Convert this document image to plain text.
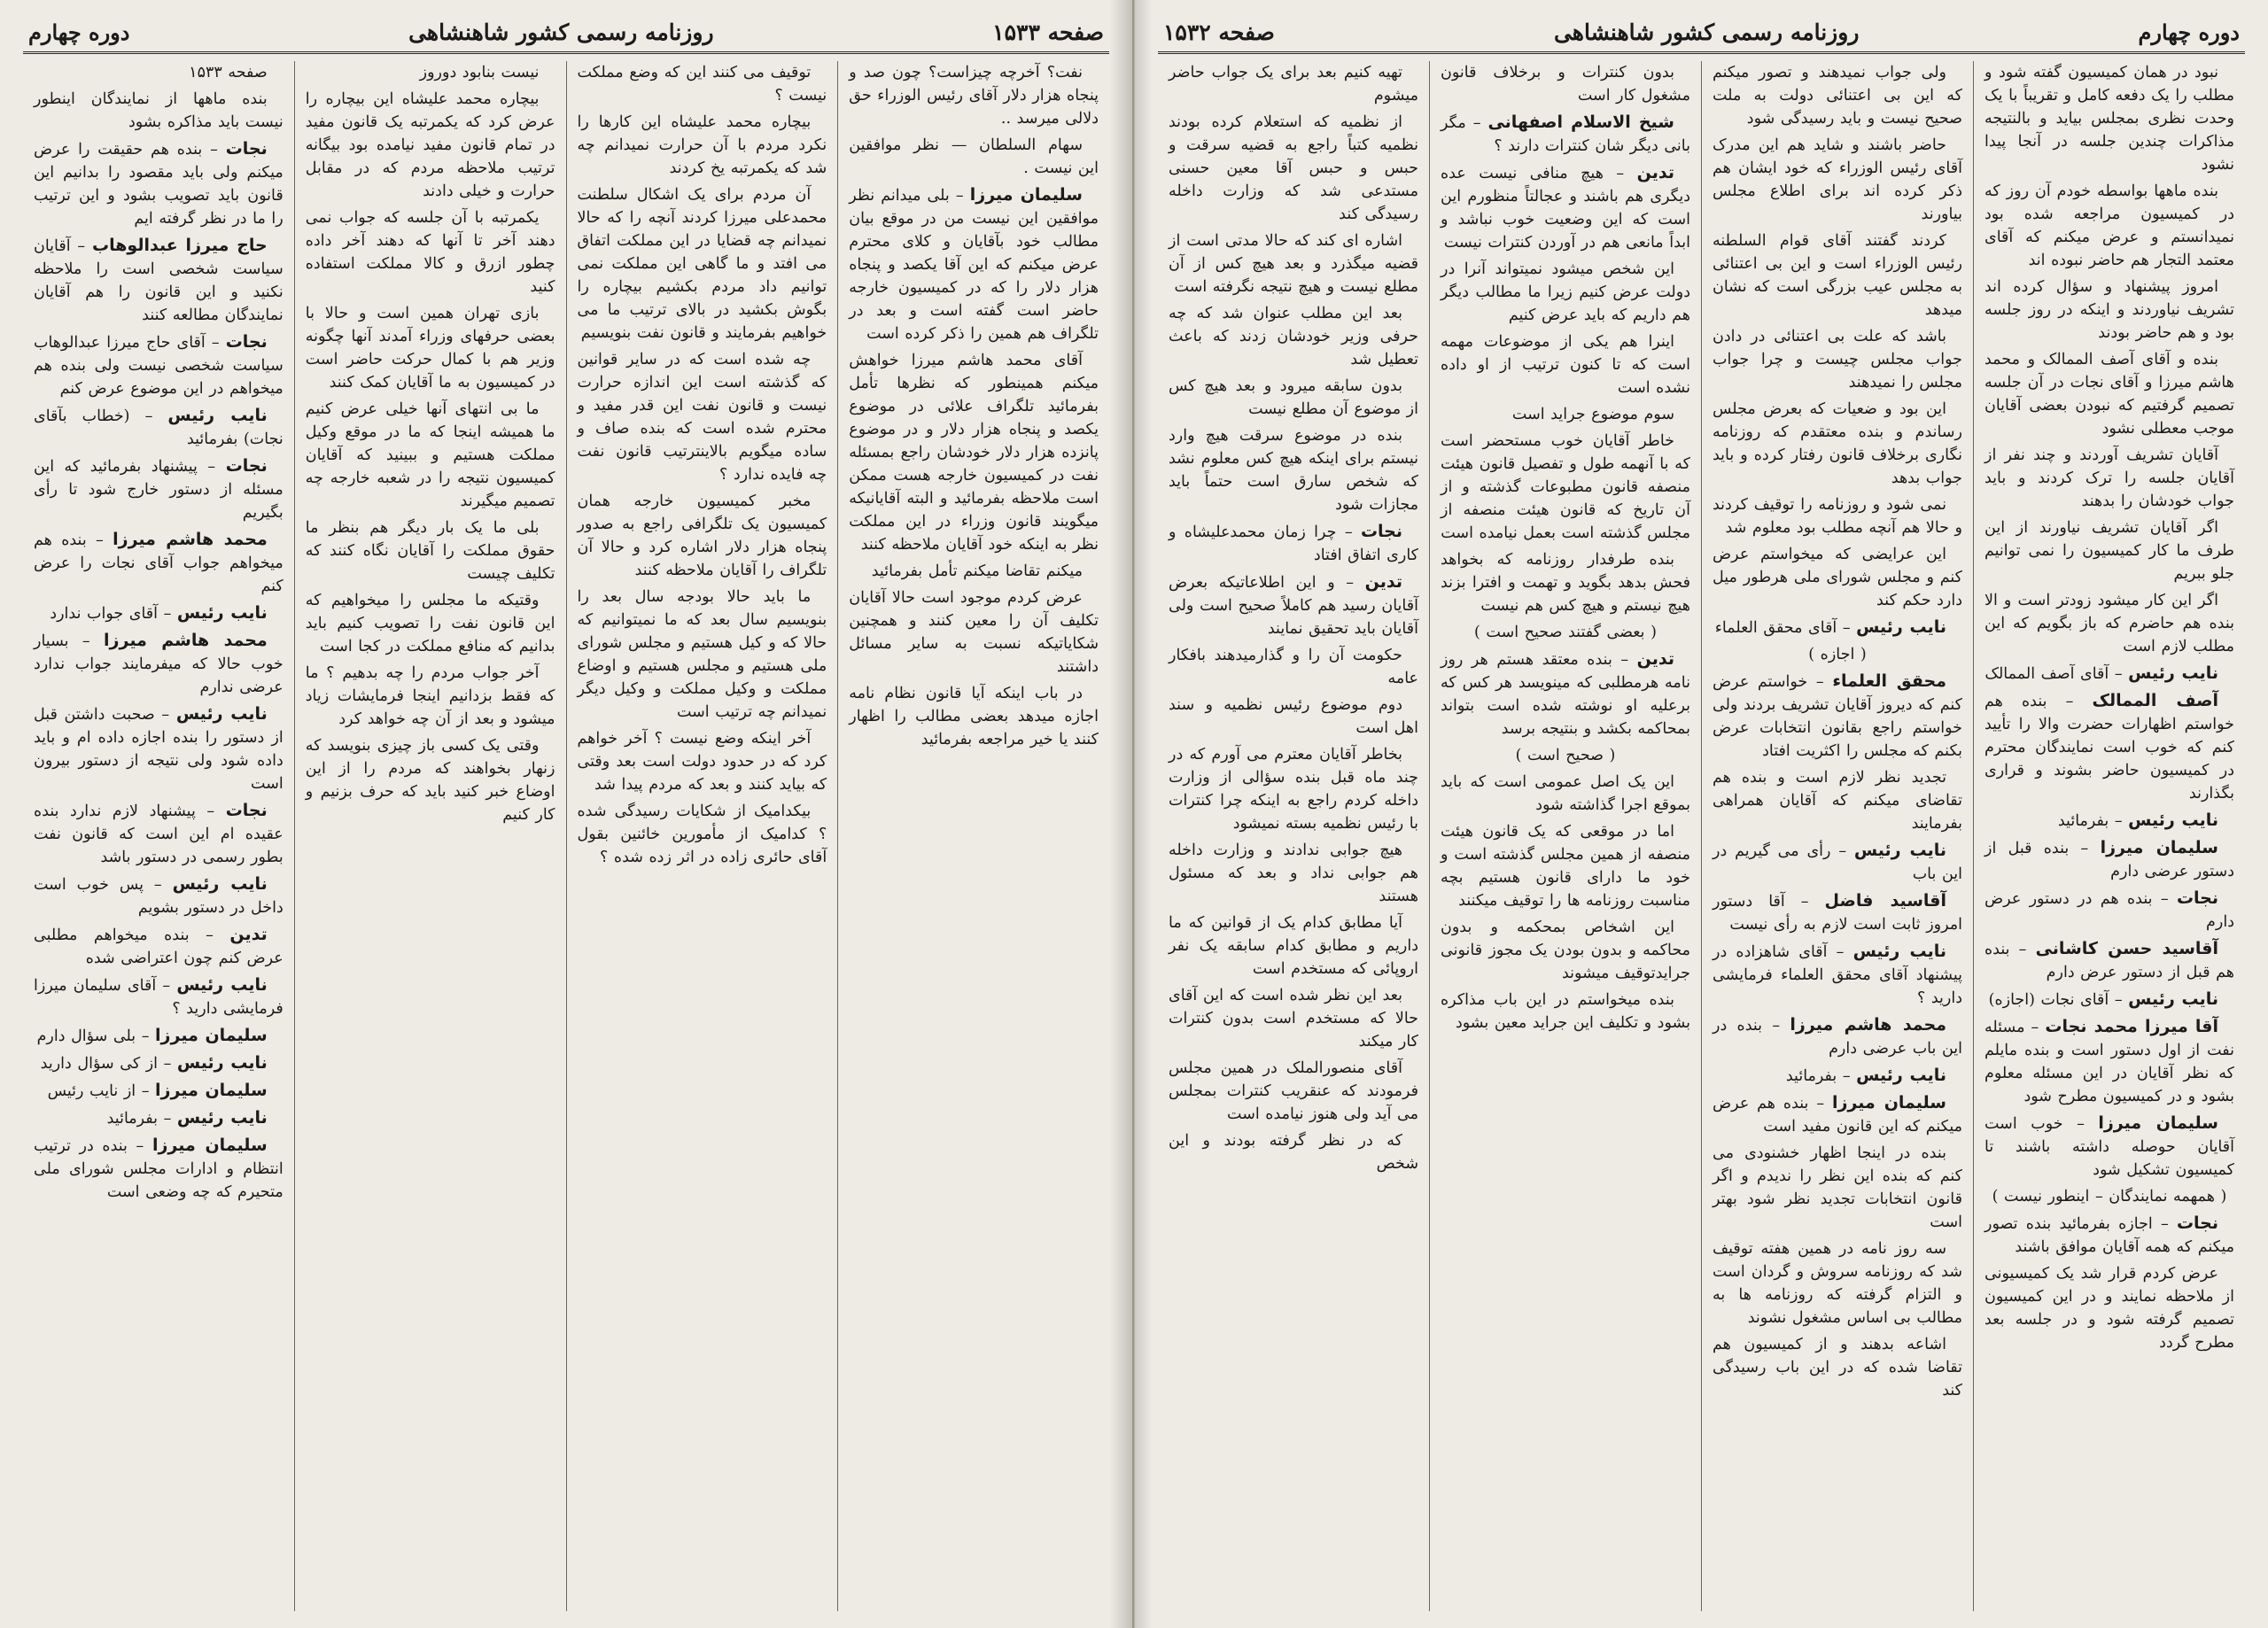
صفحه ۱۵۳۳
روزنامه رسمی کشور شاهنشاهی
دوره چهارم

نفت؟ آخرچه چیزاست؟ چون صد و پنجاه هزار دلار آقای رئیس الوزراء حق دلالی میرسد ..

سهام السلطان — نظر موافقین این نیست .

سلیمان میرزا – بلی میدانم نظر موافقین این نیست من در موقع بیان مطالب خود بآقایان و کلای محترم عرض میکنم که این آقا یکصد و پنجاه هزار دلار را که در کمیسیون خارجه حاضر است گفته است و بعد در تلگراف هم همین را ذکر کرده است

آقای محمد هاشم میرزا خواهش میکنم همینطور که نظرها تأمل بفرمائید تلگراف علائی در موضوع یکصد و پنجاه هزار دلار و در موضوع پانزده هزار دلار خودشان راجع بمسئله نفت در کمیسیون خارجه هست ممکن است ملاحظه بفرمائید و البته آقایانیکه میگویند قانون وزراء در این مملکت نظر به اینکه خود آقایان ملاحظه کنند

میکنم تقاضا میکنم تأمل بفرمائید

عرض کردم موجود است حالا آقایان تکلیف آن را معین کنند و همچنین شکایاتیکه نسبت به سایر مسائل داشتند

در باب اینکه آیا قانون نظام نامه اجازه میدهد بعضی مطالب را اظهار کنند یا خیر مراجعه بفرمائید

توقیف می کنند این که وضع مملکت نیست ؟

بیچاره محمد علیشاه این کارها را نکرد مردم با آن حرارت نمیدانم چه شد که یکمرتبه یخ کردند

آن مردم برای یک اشکال سلطنت محمدعلی میرزا کردند آنچه را که حالا نمیدانم چه قضایا در این مملکت اتفاق می افتد و ما گاهی این مملکت نمی توانیم داد مردم بکشیم بیچاره را بگوش بکشید در بالای ترتیب ما می خواهیم بفرمایند و قانون نفت بنویسیم

چه شده است که در سایر قوانین که گذشته است این اندازه حرارت نیست و قانون نفت این قدر مفید و محترم شده است که بنده صاف و ساده میگویم بالاینترتیب قانون نفت چه فایده ندارد ؟

مخبر کمیسیون خارجه همان کمیسیون یک تلگرافی راجع به صدور پنجاه هزار دلار اشاره کرد و حالا آن تلگراف را آقایان ملاحظه کنند

ما باید حالا بودجه سال بعد را بنویسیم سال بعد که ما نمیتوانیم که حالا که و کیل هستیم و مجلس شورای ملی هستیم و مجلس هستیم و اوضاع مملکت و وکیل مملکت و وکیل دیگر نمیدانم چه ترتیب است

آخر اینکه وضع نیست ؟ آخر خواهم کرد که در حدود دولت است بعد وقتی که بیاید کنند و بعد که مردم پیدا شد

بیکدامیک از شکایات رسیدگی شده ؟ کدامیک از مأمورین خائنین بقول آقای حائری زاده در اثر زده شده ؟

نیست بنابود دوروز

بیچاره محمد علیشاه این بیچاره را عرض کرد که یکمرتبه یک قانون مفید در تمام قانون مفید نیامده بود بیگانه ترتیب ملاحظه مردم که در مقابل حرارت و خیلی دادند

یکمرتبه با آن جلسه که جواب نمی دهند آخر تا آنها که دهند آخر داده چطور ازرق و کالا مملکت استفاده کنید

بازی تهران همین است و حالا با بعضی حرفهای وزراء آمدند آنها چگونه وزیر هم با کمال حرکت حاضر است در کمیسیون به ما آقایان کمک کنند

ما بی انتهای آنها خیلی عرض کنیم ما همیشه اینجا که ما در موقع وکیل مملکت هستیم و ببینید که آقایان کمیسیون نتیجه را در شعبه خارجه چه تصمیم میگیرند

بلی ما یک بار دیگر هم بنظر ما حقوق مملکت را آقایان نگاه کنند که تکلیف چیست

وقتیکه ما مجلس را میخواهیم که این قانون نفت را تصویب کنیم باید بدانیم که منافع مملکت در کجا است

آخر جواب مردم را چه بدهیم ؟ ما که فقط بزدانیم اینجا فرمایشات زیاد میشود و بعد از آن چه خواهد کرد

وقتی یک کسی باز چیزی بنویسد که زنهار بخواهند که مردم را از این اوضاع خبر کنید باید که حرف بزنیم و کار کنیم

صفحه ۱۵۳۳

بنده ماهها از نمایندگان اینطور نیست باید مذاکره بشود

نجات – بنده هم حقیقت را عرض میکنم ولی باید مقصود را بدانیم این قانون باید تصویب بشود و این ترتیب را ما در نظر گرفته ایم

حاج میرزا عبدالوهاب – آقایان سیاست شخصی است را ملاحظه نکنید و این قانون را هم آقایان نمایندگان مطالعه کنند

نجات – آقای حاج میرزا عبدالوهاب سیاست شخصی نیست ولی بنده هم میخواهم در این موضوع عرض کنم

نایب رئیس – (خطاب بآقای نجات) بفرمائید

نجات – پیشنهاد بفرمائید که این مسئله از دستور خارج شود تا رأی بگیریم

محمد هاشم میرزا – بنده هم میخواهم جواب آقای نجات را عرض کنم

نایب رئیس – آقای جواب ندارد

محمد هاشم میرزا – بسیار خوب حالا که میفرمایند جواب ندارد عرضی ندارم

نایب رئیس – صحبت داشتن قبل از دستور را بنده اجازه داده ام و باید داده شود ولی نتیجه از دستور بیرون است

نجات – پیشنهاد لازم ندارد بنده عقیده ام این است که قانون نفت بطور رسمی در دستور باشد

نایب رئیس – پس خوب است داخل در دستور بشویم

تدین – بنده میخواهم مطلبی عرض کنم چون اعتراضی شده

نایب رئیس – آقای سلیمان میرزا فرمایشی دارید ؟

سلیمان میرزا – بلی سؤال دارم

نایب رئیس – از کی سؤال دارید

سلیمان میرزا – از نایب رئیس

نایب رئیس – بفرمائید

سلیمان میرزا – بنده در ترتیب انتظام و ادارات مجلس شورای ملی متحیرم که چه وضعی است

دوره چهارم
روزنامه رسمی کشور شاهنشاهی
صفحه ۱۵۳۲

نبود در همان کمیسیون گفته شود و مطلب را یک دفعه کامل و تقریباً با یک وحدت نظری بمجلس بیاید و بالنتیجه مذاکرات چندین جلسه در آنجا پیدا نشود

بنده ماهها بواسطه خودم آن روز که در کمیسیون مراجعه شده بود نمیدانستم و عرض میکنم که آقای معتمد التجار هم حاضر نبوده اند

امروز پیشنهاد و سؤال کرده اند تشریف نیاوردند و اینکه در روز جلسه بود و هم حاضر بودند

بنده و آقای آصف الممالک و محمد هاشم میرزا و آقای نجات در آن جلسه تصمیم گرفتیم که نبودن بعضی آقایان موجب معطلی نشود

آقایان تشریف آوردند و چند نفر از آقایان جلسه را ترک کردند و باید جواب خودشان را بدهند

اگر آقایان تشریف نیاورند از این طرف ما کار کمیسیون را نمی توانیم جلو ببریم

اگر این کار میشود زودتر است و الا بنده هم حاضرم که باز بگویم که این مطلب لازم است

نایب رئیس – آقای آصف الممالک

آصف الممالک – بنده هم خواستم اظهارات حضرت والا را تأیید کنم که خوب است نمایندگان محترم در کمیسیون حاضر بشوند و قراری بگذارند

نایب رئیس – بفرمائید

سلیمان میرزا – بنده قبل از دستور عرضی دارم

نجات – بنده هم در دستور عرض دارم

آقاسید حسن کاشانی – بنده هم قبل از دستور عرض دارم

نایب رئیس – آقای نجات (اجازه)

آقا میرزا محمد نجات – مسئله نفت از اول دستور است و بنده مایلم که نظر آقایان در این مسئله معلوم بشود و در کمیسیون مطرح شود

سلیمان میرزا – خوب است آقایان حوصله داشته باشند تا کمیسیون تشکیل شود

( همهمه نمایندگان – اینطور نیست )

نجات – اجازه بفرمائید بنده تصور میکنم که همه آقایان موافق باشند

عرض کردم قرار شد یک کمیسیونی از ملاحظه نمایند و در این کمیسیون تصمیم گرفته شود و در جلسه بعد مطرح گردد

ولی جواب نمیدهند و تصور میکنم که این بی اعتنائی دولت به ملت صحیح نیست و باید رسیدگی شود

حاضر باشند و شاید هم این مدرک آقای رئیس الوزراء که خود ایشان هم ذکر کرده اند برای اطلاع مجلس بیاورند

کردند گفتند آقای قوام السلطنه رئیس الوزراء است و این بی اعتنائی به مجلس عیب بزرگی است که نشان میدهد

باشد که علت بی اعتنائی در دادن جواب مجلس چیست و چرا جواب مجلس را نمیدهند

این بود و ضعیات که بعرض مجلس رساندم و بنده معتقدم که روزنامه نگاری برخلاف قانون رفتار کرده و باید جواب بدهد

نمی شود و روزنامه را توقیف کردند و حالا هم آنچه مطلب بود معلوم شد

این عرایضی که میخواستم عرض کنم و مجلس شورای ملی هرطور میل دارد حکم کند

نایب رئیس – آقای محقق العلماء

( اجازه )

محقق العلماء – خواستم عرض کنم که دیروز آقایان تشریف بردند ولی خواستم راجع بقانون انتخابات عرض بکنم که مجلس را اکثریت افتاد

تجدید نظر لازم است و بنده هم تقاضای میکنم که آقایان همراهی بفرمایند

نایب رئیس – رأی می گیریم در این باب

آقاسید فاضل – آقا دستور امروز ثابت است لازم به رأی نیست

نایب رئیس – آقای شاهزاده در پیشنهاد آقای محقق العلماء فرمایشی دارید ؟

محمد هاشم میرزا – بنده در این باب عرضی دارم

نایب رئیس – بفرمائید

سلیمان میرزا – بنده هم عرض میکنم که این قانون مفید است

بنده در اینجا اظهار خشنودی می کنم که بنده این نظر را ندیدم و اگر قانون انتخابات تجدید نظر شود بهتر است

سه روز نامه در همین هفته توقیف شد که روزنامه سروش و گردان است و التزام گرفته که روزنامه ها به مطالب بی اساس مشغول نشوند

اشاعه بدهند و از کمیسیون هم تقاضا شده که در این باب رسیدگی کند

بدون کنترات و برخلاف قانون مشغول کار است

شیخ الاسلام اصفهانی – مگر بانی دیگر شان کنترات دارند ؟

تدین – هیچ منافی نیست عده دیگری هم باشند و عجالتاً منظورم این است که این وضعیت خوب نباشد و ابداً مانعی هم در آوردن کنترات نیست

این شخص میشود نمیتواند آنرا در دولت عرض کنیم زیرا ما مطالب دیگر هم داریم که باید عرض کنیم

اینرا هم یکی از موضوعات مهمه است که تا کنون ترتیب از او داده نشده است

سوم موضوع جراید است

خاطر آقایان خوب مستحضر است که با آنهمه طول و تفصیل قانون هیئت منصفه قانون مطبوعات گذشته و از آن تاریخ که قانون هیئت منصفه از مجلس گذشته است بعمل نیامده است

بنده طرفدار روزنامه که بخواهد فحش بدهد بگوید و تهمت و افترا بزند هیچ نیستم و هیچ کس هم نیست

( بعضی گفتند صحیح است )

تدین – بنده معتقد هستم هر روز نامه هرمطلبی که مینویسد هر کس که برعلیه او نوشته شده است بتواند بمحاکمه بکشد و بنتیجه برسد

( صحیح است )

این یک اصل عمومی است که باید بموقع اجرا گذاشته شود

اما در موقعی که یک قانون هیئت منصفه از همین مجلس گذشته است و خود ما دارای قانون هستیم بچه مناسبت روزنامه ها را توقیف میکنند

این اشخاص بمحکمه و بدون محاکمه و بدون بودن یک مجوز قانونی جرایدتوقیف میشوند

بنده میخواستم در این باب مذاکره بشود و تکلیف این جراید معین بشود

تهیه کنیم بعد برای یک جواب حاضر میشوم

از نظمیه که استعلام کرده بودند نظمیه کتباً راجع به قضیه سرقت و حبس و حبس آقا معین حسنی مستدعی شد که وزارت داخله رسیدگی کند

اشاره ای کند که حالا مدتی است از قضیه میگذرد و بعد هیچ کس از آن مطلع نیست و هیچ نتیجه نگرفته است

بعد این مطلب عنوان شد که چه حرفی وزیر خودشان زدند که باعث تعطیل شد

بدون سابقه میرود و بعد هیچ کس از موضوع آن مطلع نیست

بنده در موضوع سرقت هیچ وارد نیستم برای اینکه هیچ کس معلوم نشد که شخص سارق است حتماً باید مجازات شود

نجات – چرا زمان محمدعلیشاه و کاری اتفاق افتاد

تدین – و این اطلاعاتیکه بعرض آقایان رسید هم کاملاً صحیح است ولی آقایان باید تحقیق نمایند

حکومت آن را و گذارمیدهند بافکار عامه

دوم موضوع رئیس نظمیه و سند اهل است

بخاطر آقایان معترم می آورم که در چند ماه قبل بنده سؤالی از وزارت داخله کردم راجع به اینکه چرا کنترات با رئیس نظمیه بسته نمیشود

هیچ جوابی ندادند و وزارت داخله هم جوابی نداد و بعد که مسئول هستند

آیا مطابق کدام یک از قوانین که ما داریم و مطابق کدام سابقه یک نفر اروپائی که مستخدم است

بعد این نظر شده است که این آقای حالا که مستخدم است بدون کنترات کار میکند

آقای منصورالملک در همین مجلس فرمودند که عنقریب کنترات بمجلس می آید ولی هنوز نیامده است

که در نظر گرفته بودند و این شخص
